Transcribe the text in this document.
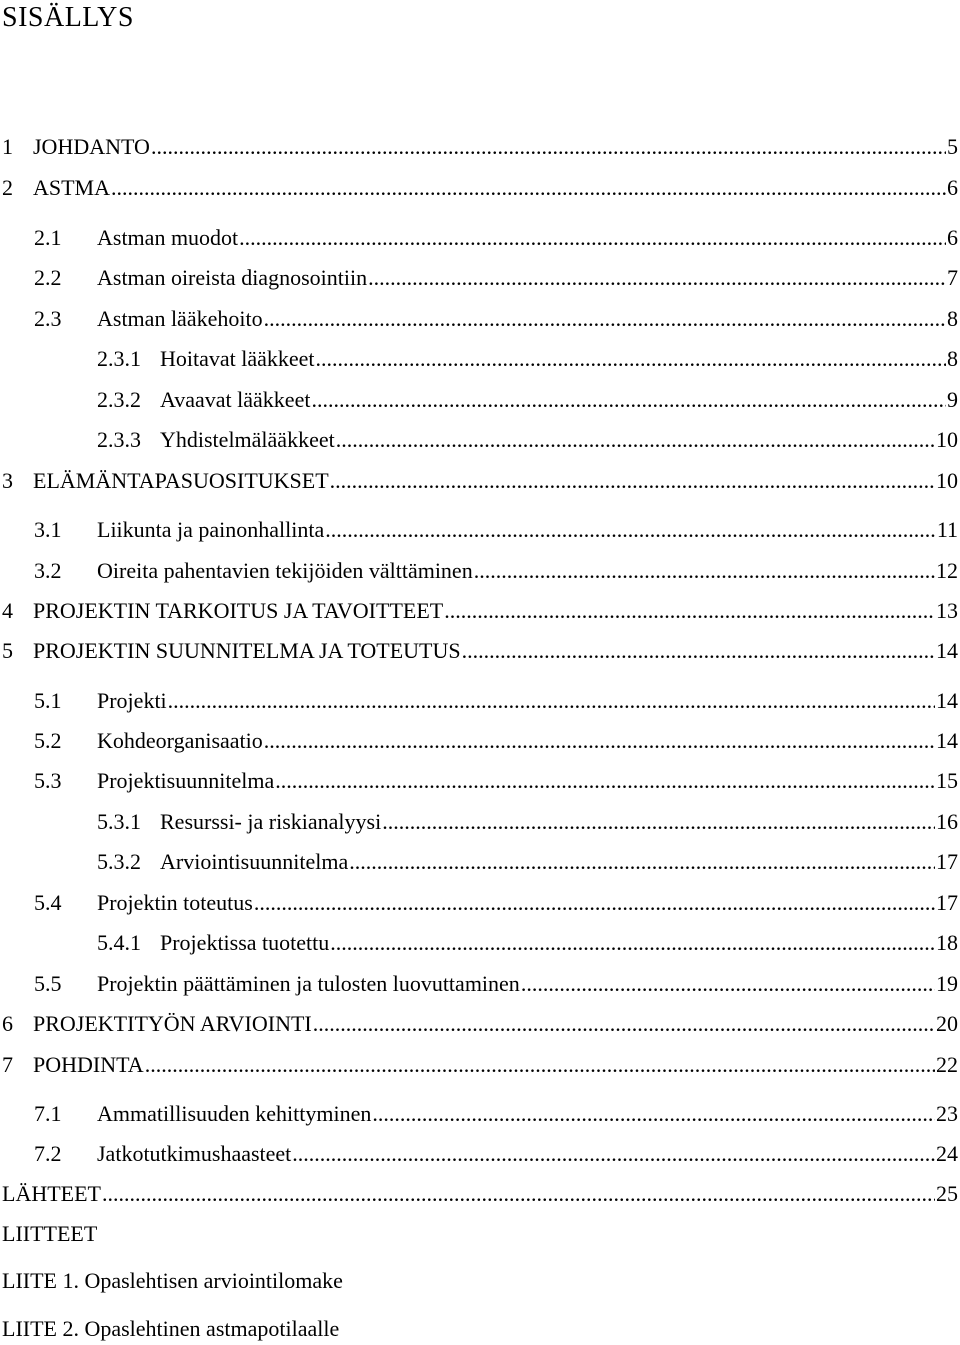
SISÄLLYS
1 JOHDANTO .....	5
2 ASTMA .....	6
2.1	Astman muodot .....	6
2.2	Astman oireista diagnosointiin .....	7
2.3	Astman lääkehoito .....	8
2.3.1 Hoitavat lääkkeet .....	8
2.3.2 Avaavat lääkkeet .....	9
2.3.3 Yhdistelmälääkkeet .....	10
3 ELÄMÄNTAPASUOSITUKSET .....	10
3.1	Liikunta ja painonhallinta .....	11
3.2	Oireita pahentavien tekijöiden välttäminen .....	12
4 PROJEKTIN TARKOITUS JA TAVOITTEET .....	13
5 PROJEKTIN SUUNNITELMA JA TOTEUTUS .....	14
5.1	Projekti .....	14
5.2	Kohdeorganisaatio .....	14
5.3	Projektisuunnitelma .....	15
5.3.1 Resurssi- ja riskianalyysi .....	16
5.3.2 Arviointisuunnitelma .....	17
5.4	Projektin toteutus .....	17
5.4.1 Projektissa tuotettu .....	18
5.5	Projektin päättäminen ja tulosten luovuttaminen .....	19
6 PROJEKTITYÖN ARVIOINTI .....	20
7 POHDINTA .....	22
7.1	Ammatillisuuden kehittyminen .....	23
7.2	Jatkotutkimushaasteet .....	24
LÄHTEET .....	25
LIITTEET
LIITE 1. Opaslehtisen arviointilomake
LIITE 2. Opaslehtinen astmapotilaalle
